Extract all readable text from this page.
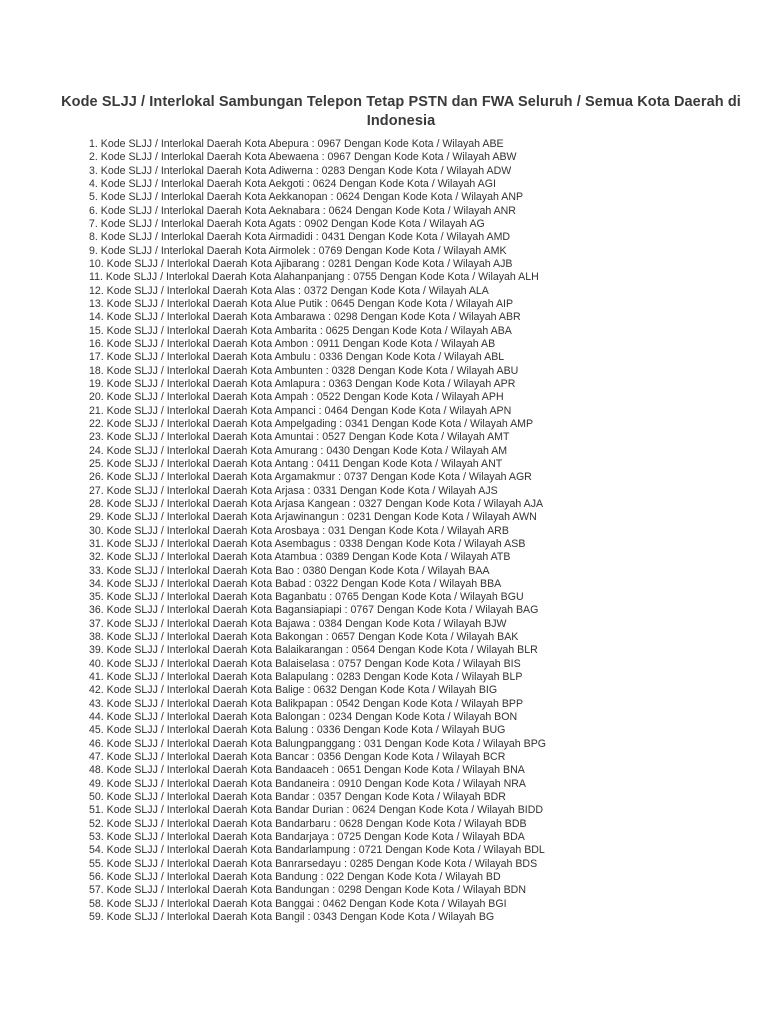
Kode SLJJ / Interlokal Sambungan Telepon Tetap PSTN dan FWA Seluruh / Semua Kota Daerah di Indonesia
1. Kode SLJJ / Interlokal Daerah Kota Abepura : 0967 Dengan Kode Kota / Wilayah ABE
2. Kode SLJJ / Interlokal Daerah Kota Abewaena : 0967 Dengan Kode Kota / Wilayah ABW
3. Kode SLJJ / Interlokal Daerah Kota Adiwerna : 0283 Dengan Kode Kota / Wilayah ADW
4. Kode SLJJ / Interlokal Daerah Kota Aekgoti : 0624 Dengan Kode Kota / Wilayah AGI
5. Kode SLJJ / Interlokal Daerah Kota Aekkanopan : 0624 Dengan Kode Kota / Wilayah ANP
6. Kode SLJJ / Interlokal Daerah Kota Aeknabara : 0624 Dengan Kode Kota / Wilayah ANR
7. Kode SLJJ / Interlokal Daerah Kota Agats : 0902 Dengan Kode Kota / Wilayah AG
8. Kode SLJJ / Interlokal Daerah Kota Airmadidi : 0431 Dengan Kode Kota / Wilayah AMD
9. Kode SLJJ / Interlokal Daerah Kota Airmolek : 0769 Dengan Kode Kota / Wilayah AMK
10. Kode SLJJ / Interlokal Daerah Kota Ajibarang : 0281 Dengan Kode Kota / Wilayah AJB
11. Kode SLJJ / Interlokal Daerah Kota Alahanpanjang : 0755 Dengan Kode Kota / Wilayah ALH
12. Kode SLJJ / Interlokal Daerah Kota Alas : 0372 Dengan Kode Kota / Wilayah ALA
13. Kode SLJJ / Interlokal Daerah Kota Alue Putik : 0645 Dengan Kode Kota / Wilayah AIP
14. Kode SLJJ / Interlokal Daerah Kota Ambarawa : 0298 Dengan Kode Kota / Wilayah ABR
15. Kode SLJJ / Interlokal Daerah Kota Ambarita : 0625 Dengan Kode Kota / Wilayah ABA
16. Kode SLJJ / Interlokal Daerah Kota Ambon : 0911 Dengan Kode Kota / Wilayah AB
17. Kode SLJJ / Interlokal Daerah Kota Ambulu : 0336 Dengan Kode Kota / Wilayah ABL
18. Kode SLJJ / Interlokal Daerah Kota Ambunten : 0328 Dengan Kode Kota / Wilayah ABU
19. Kode SLJJ / Interlokal Daerah Kota Amlapura : 0363 Dengan Kode Kota / Wilayah APR
20. Kode SLJJ / Interlokal Daerah Kota Ampah : 0522 Dengan Kode Kota / Wilayah APH
21. Kode SLJJ / Interlokal Daerah Kota Ampanci : 0464 Dengan Kode Kota / Wilayah APN
22. Kode SLJJ / Interlokal Daerah Kota Ampelgading : 0341 Dengan Kode Kota / Wilayah AMP
23. Kode SLJJ / Interlokal Daerah Kota Amuntai : 0527 Dengan Kode Kota / Wilayah AMT
24. Kode SLJJ / Interlokal Daerah Kota Amurang : 0430 Dengan Kode Kota / Wilayah AM
25. Kode SLJJ / Interlokal Daerah Kota Antang : 0411 Dengan Kode Kota / Wilayah ANT
26. Kode SLJJ / Interlokal Daerah Kota Argamakmur : 0737 Dengan Kode Kota / Wilayah AGR
27. Kode SLJJ / Interlokal Daerah Kota Arjasa : 0331 Dengan Kode Kota / Wilayah AJS
28. Kode SLJJ / Interlokal Daerah Kota Arjasa Kangean : 0327 Dengan Kode Kota / Wilayah AJA
29. Kode SLJJ / Interlokal Daerah Kota Arjawinangun : 0231 Dengan Kode Kota / Wilayah AWN
30. Kode SLJJ / Interlokal Daerah Kota Arosbaya : 031 Dengan Kode Kota / Wilayah ARB
31. Kode SLJJ / Interlokal Daerah Kota Asembagus : 0338 Dengan Kode Kota / Wilayah ASB
32. Kode SLJJ / Interlokal Daerah Kota Atambua : 0389 Dengan Kode Kota / Wilayah ATB
33. Kode SLJJ / Interlokal Daerah Kota Bao : 0380 Dengan Kode Kota / Wilayah BAA
34. Kode SLJJ / Interlokal Daerah Kota Babad : 0322 Dengan Kode Kota / Wilayah BBA
35. Kode SLJJ / Interlokal Daerah Kota Baganbatu : 0765 Dengan Kode Kota / Wilayah BGU
36. Kode SLJJ / Interlokal Daerah Kota Bagansiapiapi : 0767 Dengan Kode Kota / Wilayah BAG
37. Kode SLJJ / Interlokal Daerah Kota Bajawa : 0384 Dengan Kode Kota / Wilayah BJW
38. Kode SLJJ / Interlokal Daerah Kota Bakongan : 0657 Dengan Kode Kota / Wilayah BAK
39. Kode SLJJ / Interlokal Daerah Kota Balaikarangan : 0564 Dengan Kode Kota / Wilayah BLR
40. Kode SLJJ / Interlokal Daerah Kota Balaiselasa : 0757 Dengan Kode Kota / Wilayah BIS
41. Kode SLJJ / Interlokal Daerah Kota Balapulang : 0283 Dengan Kode Kota / Wilayah BLP
42. Kode SLJJ / Interlokal Daerah Kota Balige : 0632 Dengan Kode Kota / Wilayah BIG
43. Kode SLJJ / Interlokal Daerah Kota Balikpapan : 0542 Dengan Kode Kota / Wilayah BPP
44. Kode SLJJ / Interlokal Daerah Kota Balongan : 0234 Dengan Kode Kota / Wilayah BON
45. Kode SLJJ / Interlokal Daerah Kota Balung : 0336 Dengan Kode Kota / Wilayah BUG
46. Kode SLJJ / Interlokal Daerah Kota Balungpanggang : 031 Dengan Kode Kota / Wilayah BPG
47. Kode SLJJ / Interlokal Daerah Kota Bancar : 0356 Dengan Kode Kota / Wilayah BCR
48. Kode SLJJ / Interlokal Daerah Kota Bandaaceh : 0651 Dengan Kode Kota / Wilayah BNA
49. Kode SLJJ / Interlokal Daerah Kota Bandaneira : 0910 Dengan Kode Kota / Wilayah NRA
50. Kode SLJJ / Interlokal Daerah Kota Bandar : 0357 Dengan Kode Kota / Wilayah BDR
51. Kode SLJJ / Interlokal Daerah Kota Bandar Durian : 0624 Dengan Kode Kota / Wilayah BIDD
52. Kode SLJJ / Interlokal Daerah Kota Bandarbaru : 0628 Dengan Kode Kota / Wilayah BDB
53. Kode SLJJ / Interlokal Daerah Kota Bandarjaya : 0725 Dengan Kode Kota / Wilayah BDA
54. Kode SLJJ / Interlokal Daerah Kota Bandarlampung : 0721 Dengan Kode Kota / Wilayah BDL
55. Kode SLJJ / Interlokal Daerah Kota Banrarsedayu : 0285 Dengan Kode Kota / Wilayah BDS
56. Kode SLJJ / Interlokal Daerah Kota Bandung : 022 Dengan Kode Kota / Wilayah BD
57. Kode SLJJ / Interlokal Daerah Kota Bandungan : 0298 Dengan Kode Kota / Wilayah BDN
58. Kode SLJJ / Interlokal Daerah Kota Banggai : 0462 Dengan Kode Kota / Wilayah BGI
59. Kode SLJJ / Interlokal Daerah Kota Bangil : 0343 Dengan Kode Kota / Wilayah BG
